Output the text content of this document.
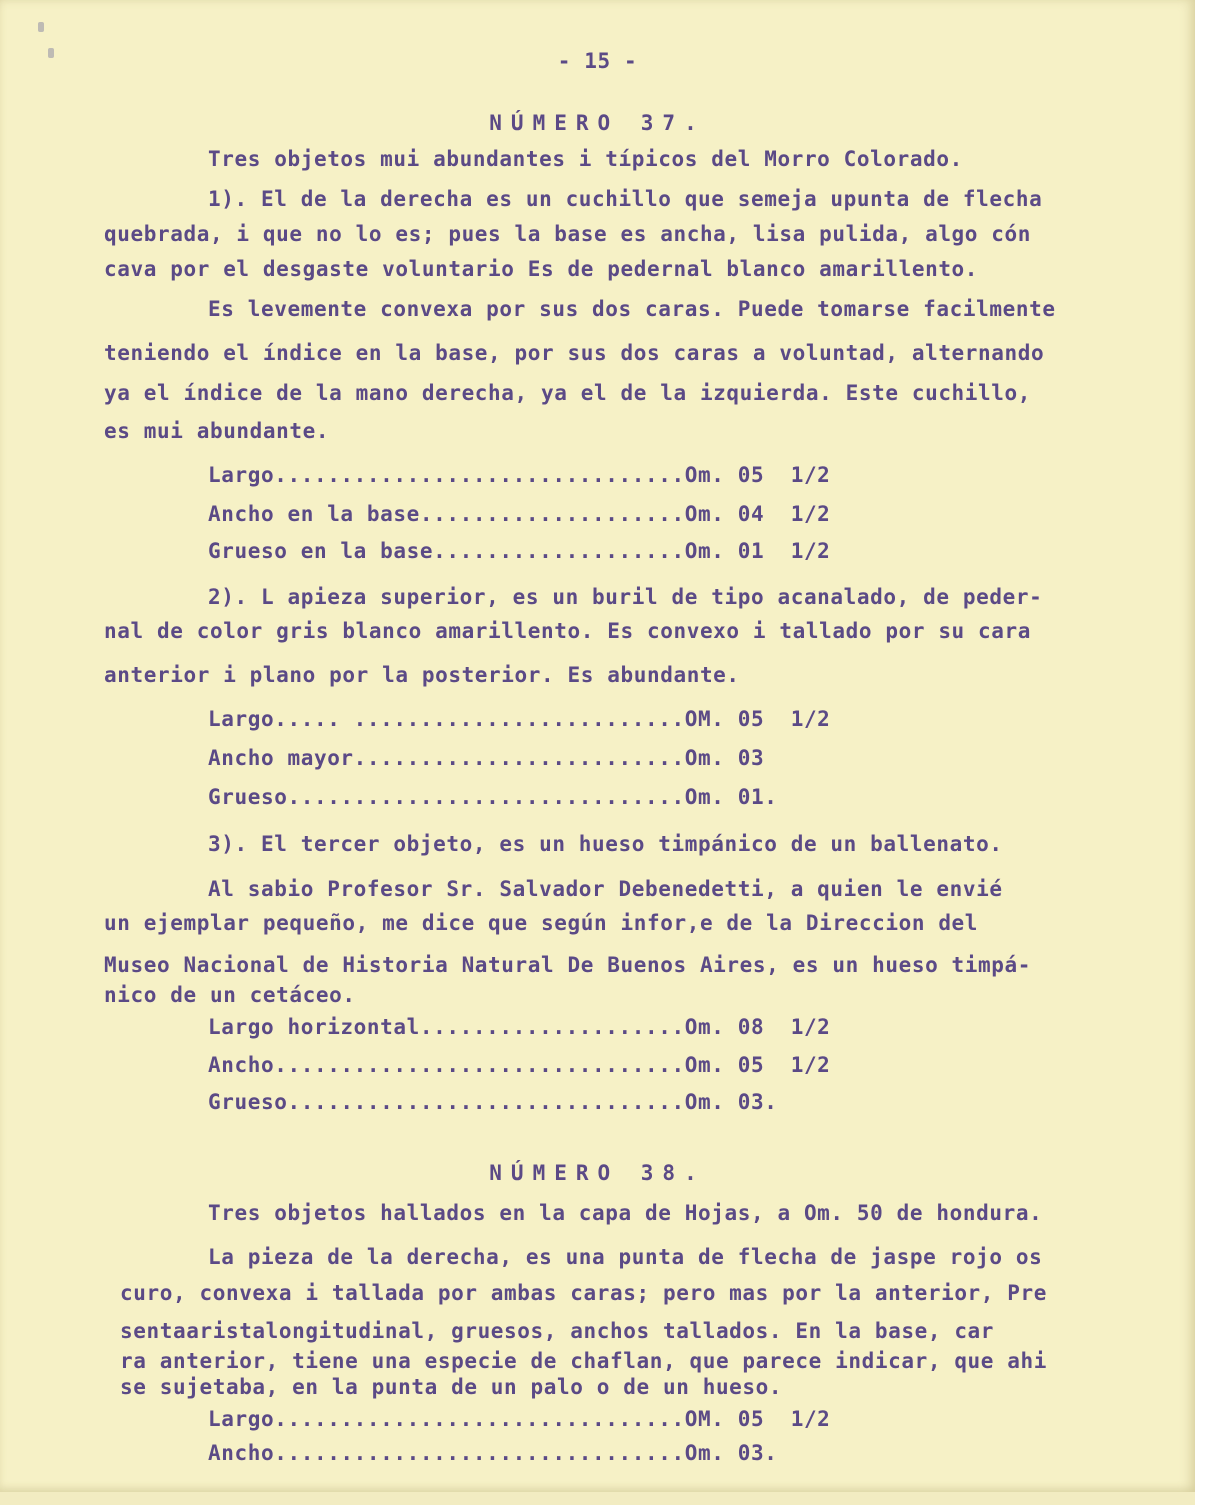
- 15 -
NÚMERO 37.
Tres objetos mui abundantes i típicos del Morro Colorado.
1). El de la derecha es un cuchillo que semeja upunta de flecha
quebrada, i que no lo es; pues la base es ancha, lisa pulida, algo cón
cava por el desgaste voluntario Es de pedernal blanco amarillento.
Es levemente convexa por sus dos caras. Puede tomarse facilmente
teniendo el índice en la base, por sus dos caras a voluntad, alternando
ya el índice de la mano derecha, ya el de la izquierda. Este cuchillo,
es mui abundante.
Largo...............................Om. 05  1/2
Ancho en la base....................Om. 04  1/2
Grueso en la base...................Om. 01  1/2
2). L apieza superior, es un buril de tipo acanalado, de peder-
nal de color gris blanco amarillento. Es convexo i tallado por su cara
anterior i plano por la posterior. Es abundante.
Largo..... .........................OM. 05  1/2
Ancho mayor.........................Om. 03
Grueso..............................Om. 01.
3). El tercer objeto, es un hueso timpánico de un ballenato.
Al sabio Profesor Sr. Salvador Debenedetti, a quien le envié
un ejemplar pequeño, me dice que según infor,e de la Direccion del
Museo Nacional de Historia Natural De Buenos Aires, es un hueso timpá-
nico de un cetáceo.
Largo horizontal....................Om. 08  1/2
Ancho...............................Om. 05  1/2
Grueso..............................Om. 03.
NÚMERO 38.
Tres objetos hallados en la capa de Hojas, a Om. 50 de hondura.
La pieza de la derecha, es una punta de flecha de jaspe rojo os
curo, convexa i tallada por ambas caras; pero mas por la anterior, Pre
sentaaristalongitudinal, gruesos, anchos tallados. En la base, car
ra anterior, tiene una especie de chaflan, que parece indicar, que ahi
se sujetaba, en la punta de un palo o de un hueso.
Largo...............................OM. 05  1/2
Ancho...............................Om. 03.
